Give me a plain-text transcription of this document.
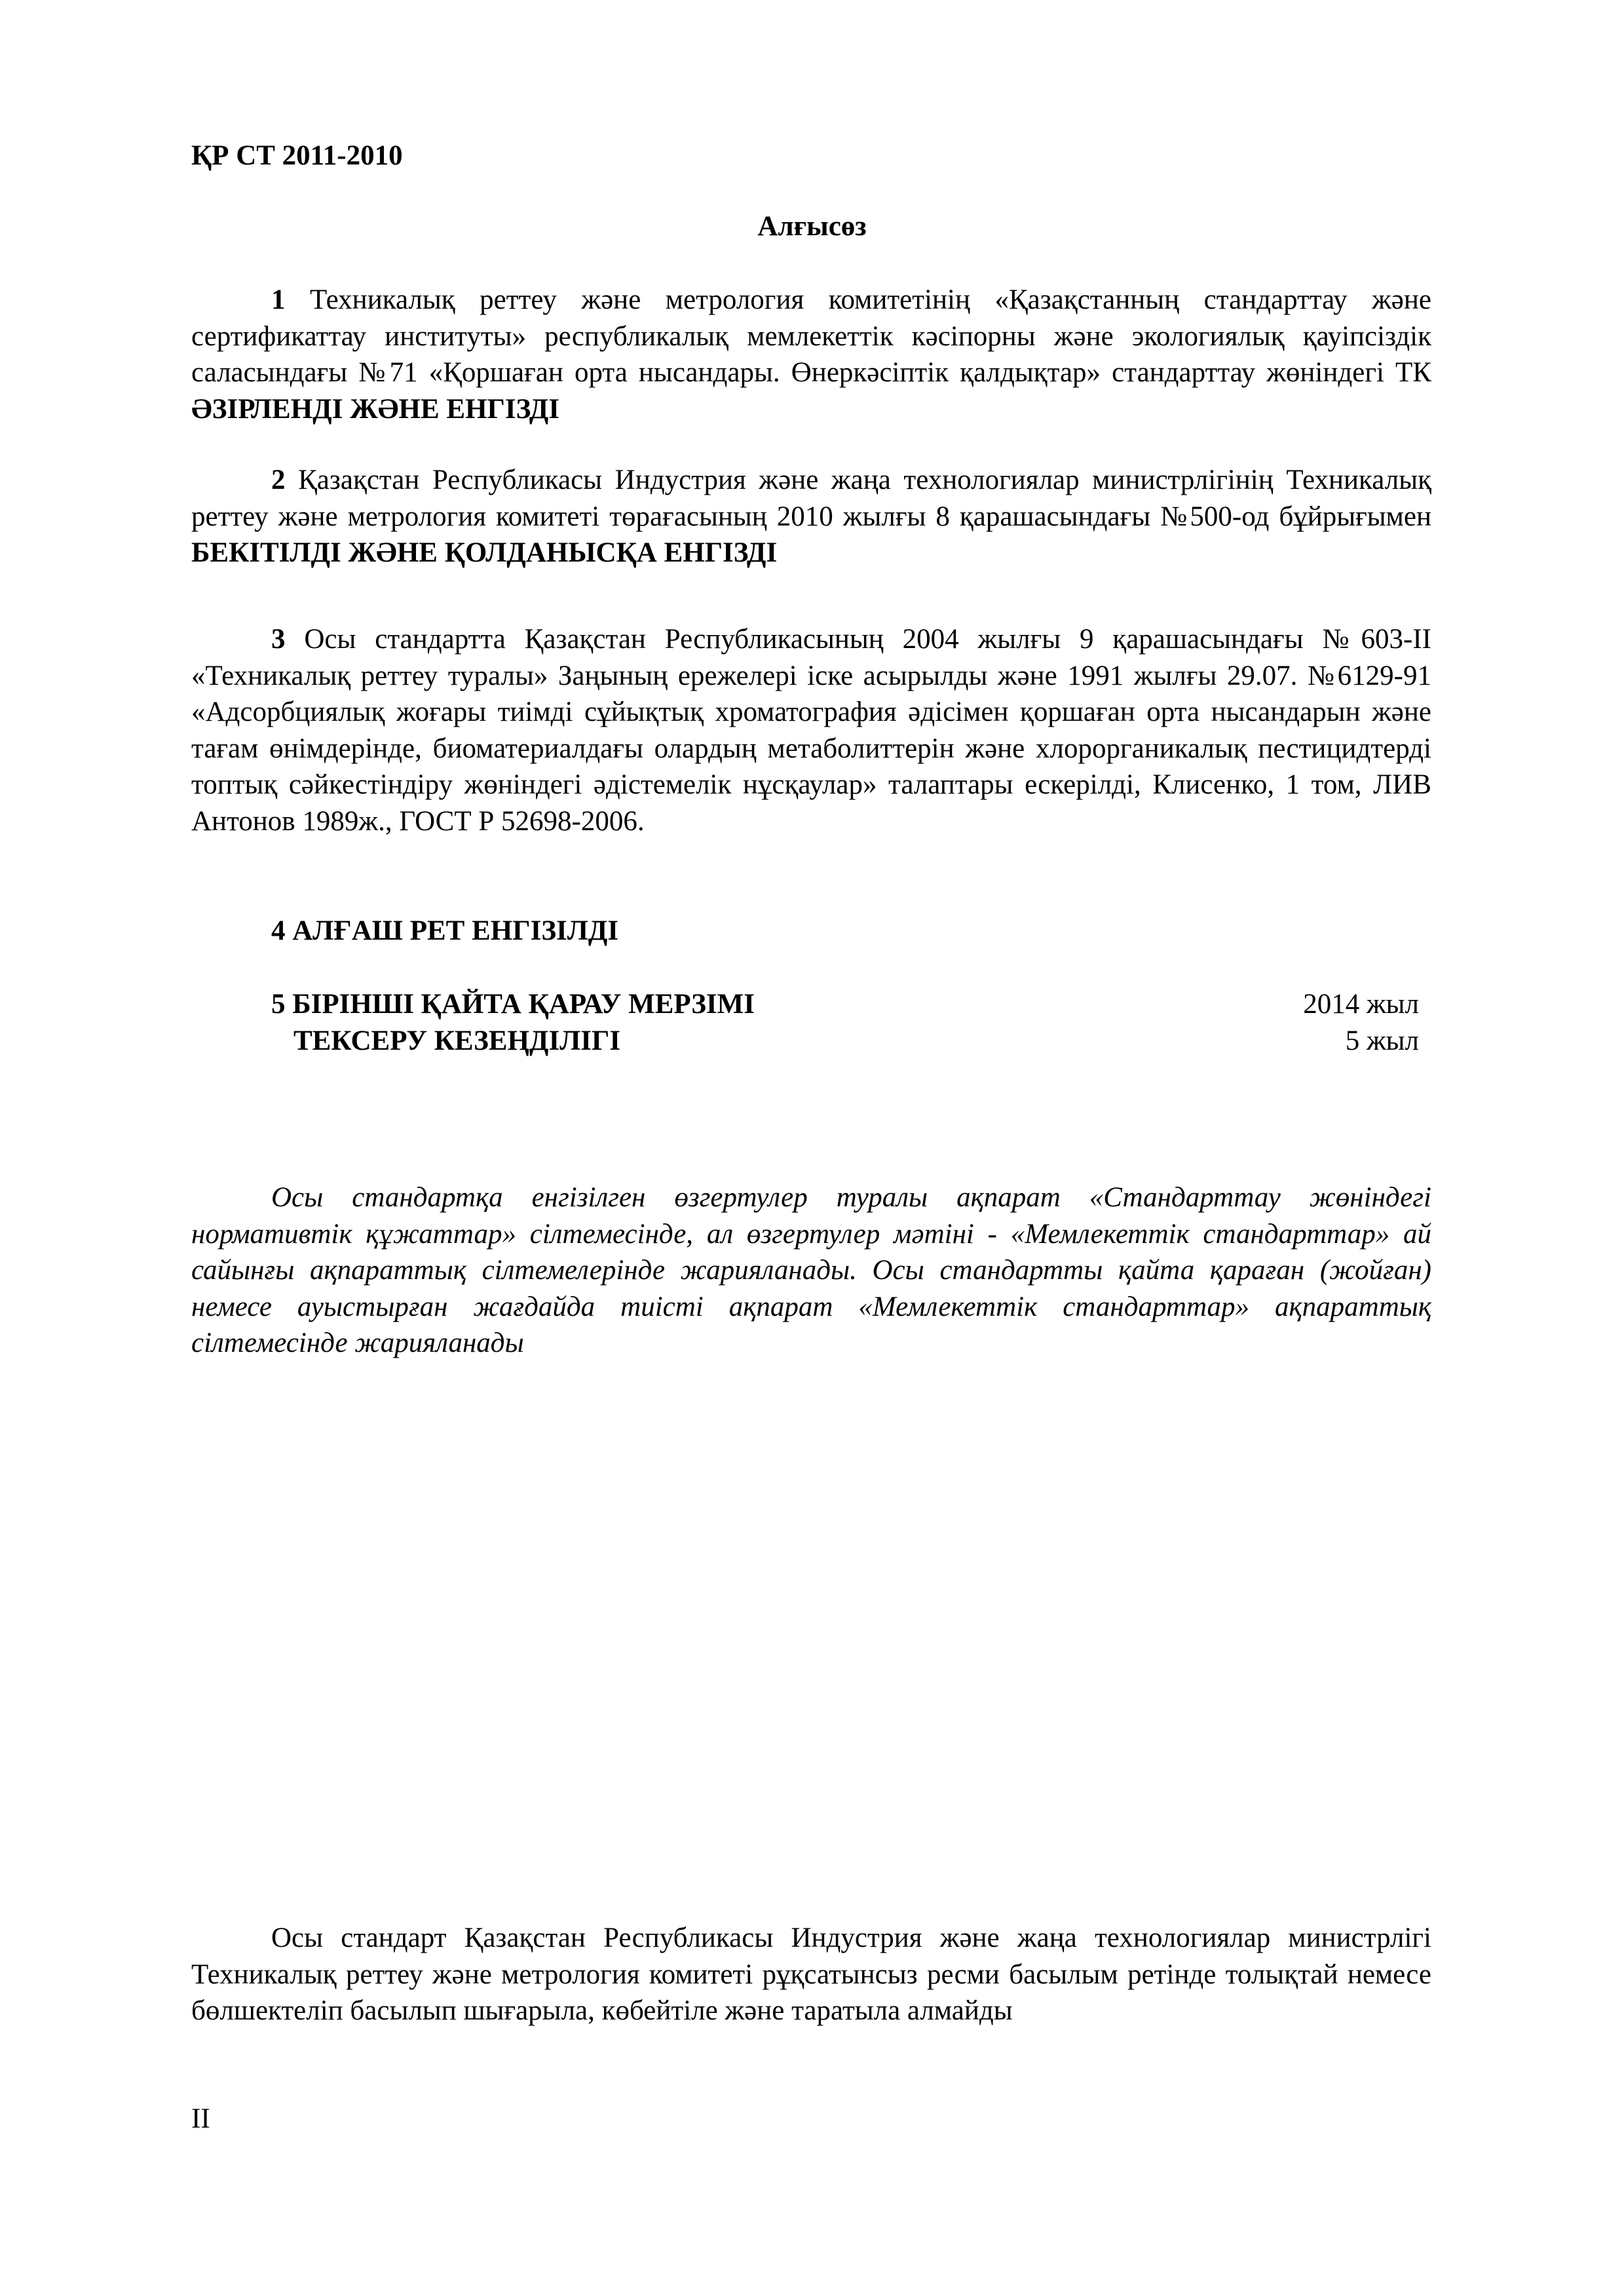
ҚР СТ 2011-2010
Алғысөз

1 Техникалық реттеу және метрология комитетінің «Қазақстанның стандарттау және сертификаттау институты» республикалық мемлекеттік кәсіпорны және экологиялық қауіпсіздік саласындағы №71 «Қоршаған орта нысандары. Өнеркәсіптік қалдықтар» стандарттау жөніндегі ТК ӘЗІРЛЕНДІ ЖӘНЕ ЕНГІЗДІ

2 Қазақстан Республикасы Индустрия және жаңа технологиялар министрлігінің Техникалық реттеу және метрология комитеті төрағасының 2010 жылғы 8 қарашасындағы №500-од бұйрығымен БЕКІТІЛДІ ЖӘНЕ ҚОЛДАНЫСҚА ЕНГІЗДІ

3 Осы стандартта Қазақстан Республикасының 2004 жылғы 9 қарашасындағы №603-II «Техникалық реттеу туралы» Заңының ережелері іске асырылды және 1991 жылғы 29.07. №6129-91 «Адсорбциялық жоғары тиімді сұйықтық хроматография әдісімен қоршаған орта нысандарын және тағам өнімдерінде, биоматериалдағы олардың метаболиттерін және хлорорганикалық пестицидтерді топтық сәйкестіндіру жөніндегі әдістемелік нұсқаулар» талаптары ескерілді, Клисенко, 1 том, ЛИВ Антонов 1989ж., ГОСТ Р 52698-2006.

4 АЛҒАШ РЕТ ЕНГІЗІЛДІ
5 БІРІНШІ ҚАЙТА ҚАРАУ МЕРЗІМІ	2014 жыл
ТЕКСЕРУ КЕЗЕҢДІЛІГІ	5 жыл

Осы стандартқа енгізілген өзгертулер туралы ақпарат «Стандарттау жөніндегі нормативтік құжаттар» сілтемесінде, ал өзгертулер мәтіні - «Мемлекеттік стандарттар» ай сайынғы ақпараттық сілтемелерінде жарияланады. Осы стандартты қайта қараған (жойған) немесе ауыстырған жағдайда тиісті ақпарат «Мемлекеттік стандарттар» ақпараттық сілтемесінде жарияланады

Осы стандарт Қазақстан Республикасы Индустрия және жаңа технологиялар министрлігі Техникалық реттеу және метрология комитеті рұқсатынсыз ресми басылым ретінде толықтай немесе бөлшектеліп басылып шығарыла, көбейтіле және таратыла алмайды

II
